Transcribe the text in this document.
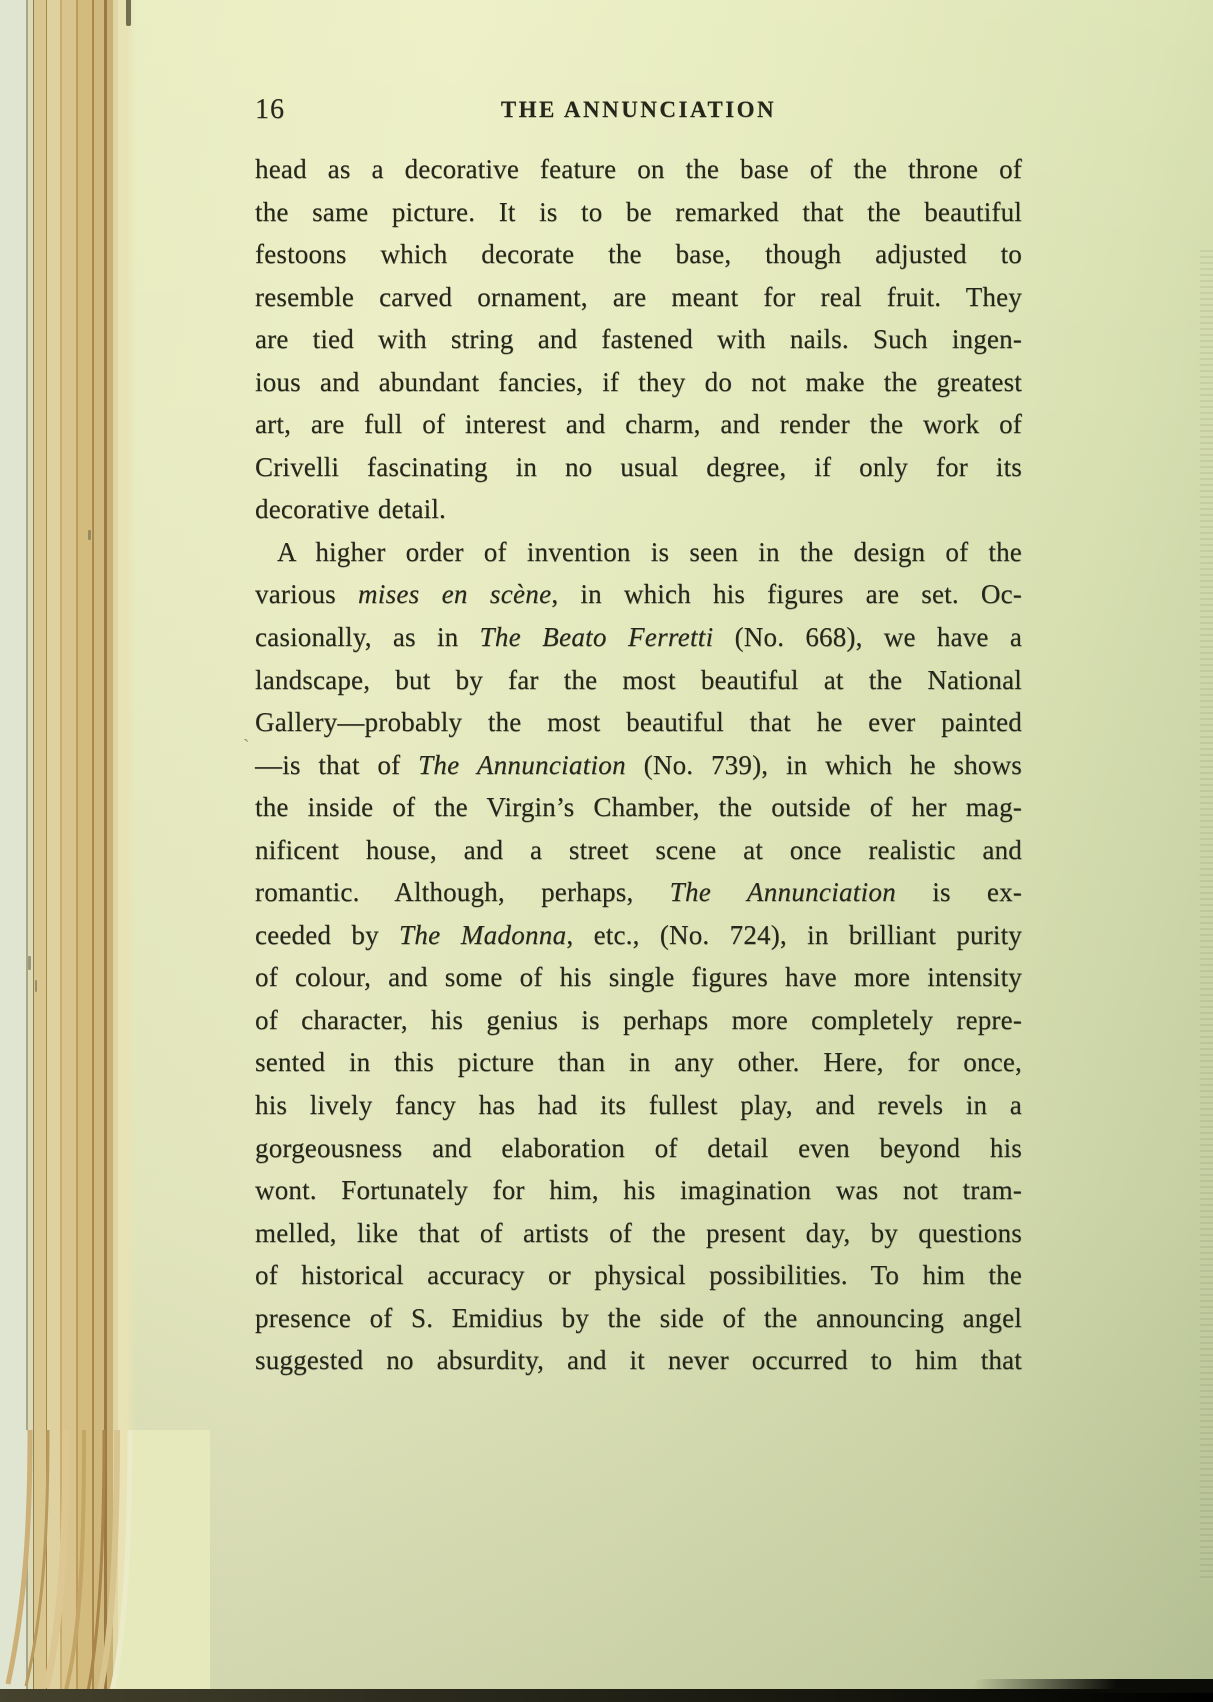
`
16	THE ANNUNCIATION
head as a decorative feature on the base of the throne of
the same picture. It is to be remarked that the beautiful
festoons which decorate the base, though adjusted to
resemble carved ornament, are meant for real fruit. They
are tied with string and fastened with nails. Such ingen-
ious and abundant fancies, if they do not make the greatest
art, are full of interest and charm, and render the work of
Crivelli fascinating in no usual degree, if only for its
decorative detail.
A higher order of invention is seen in the design of the
various mises en scène, in which his figures are set. Oc-
casionally, as in The Beato Ferretti (No. 668), we have a
landscape, but by far the most beautiful at the National
Gallery—probably the most beautiful that he ever painted
—is that of The Annunciation (No. 739), in which he shows
the inside of the Virgin’s Chamber, the outside of her mag-
nificent house, and a street scene at once realistic and
romantic. Although, perhaps, The Annunciation is ex-
ceeded by The Madonna, etc., (No. 724), in brilliant purity
of colour, and some of his single figures have more intensity
of character, his genius is perhaps more completely repre-
sented in this picture than in any other. Here, for once,
his lively fancy has had its fullest play, and revels in a
gorgeousness and elaboration of detail even beyond his
wont. Fortunately for him, his imagination was not tram-
melled, like that of artists of the present day, by questions
of historical accuracy or physical possibilities. To him the
presence of S. Emidius by the side of the announcing angel
suggested no absurdity, and it never occurred to him that
